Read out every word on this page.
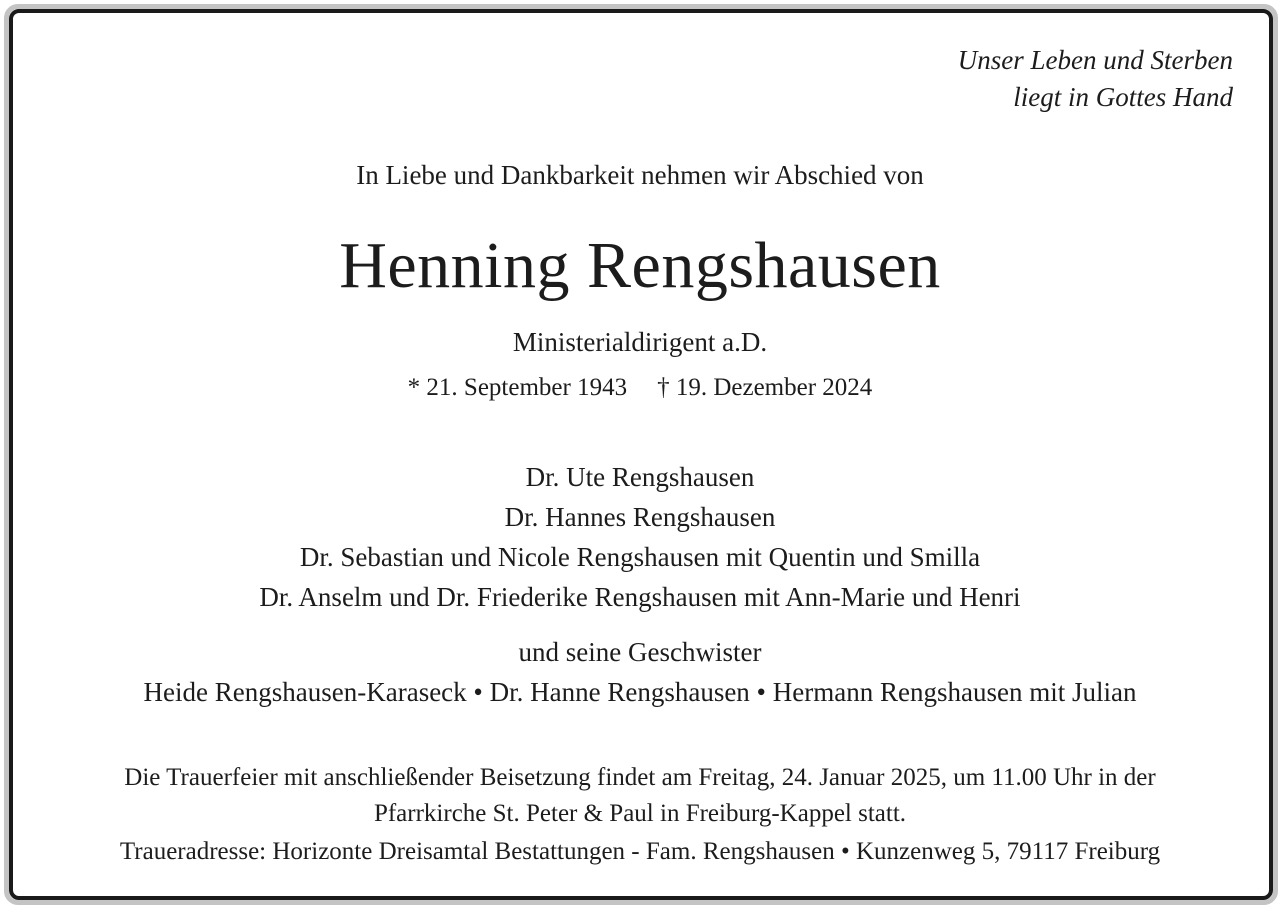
Unser Leben und Sterben
liegt in Gottes Hand
In Liebe und Dankbarkeit nehmen wir Abschied von
Henning Rengshausen
Ministerialdirigent a.D.
* 21. September 1943 † 19. Dezember 2024
Dr. Ute Rengshausen
Dr. Hannes Rengshausen
Dr. Sebastian und Nicole Rengshausen mit Quentin und Smilla
Dr. Anselm und Dr. Friederike Rengshausen mit Ann-Marie und Henri
und seine Geschwister
Heide Rengshausen-Karaseck • Dr. Hanne Rengshausen • Hermann Rengshausen mit Julian
Die Trauerfeier mit anschließender Beisetzung findet am Freitag, 24. Januar 2025, um 11.00 Uhr in der
Pfarrkirche St. Peter & Paul in Freiburg-Kappel statt.
Traueradresse: Horizonte Dreisamtal Bestattungen - Fam. Rengshausen • Kunzenweg 5, 79117 Freiburg
